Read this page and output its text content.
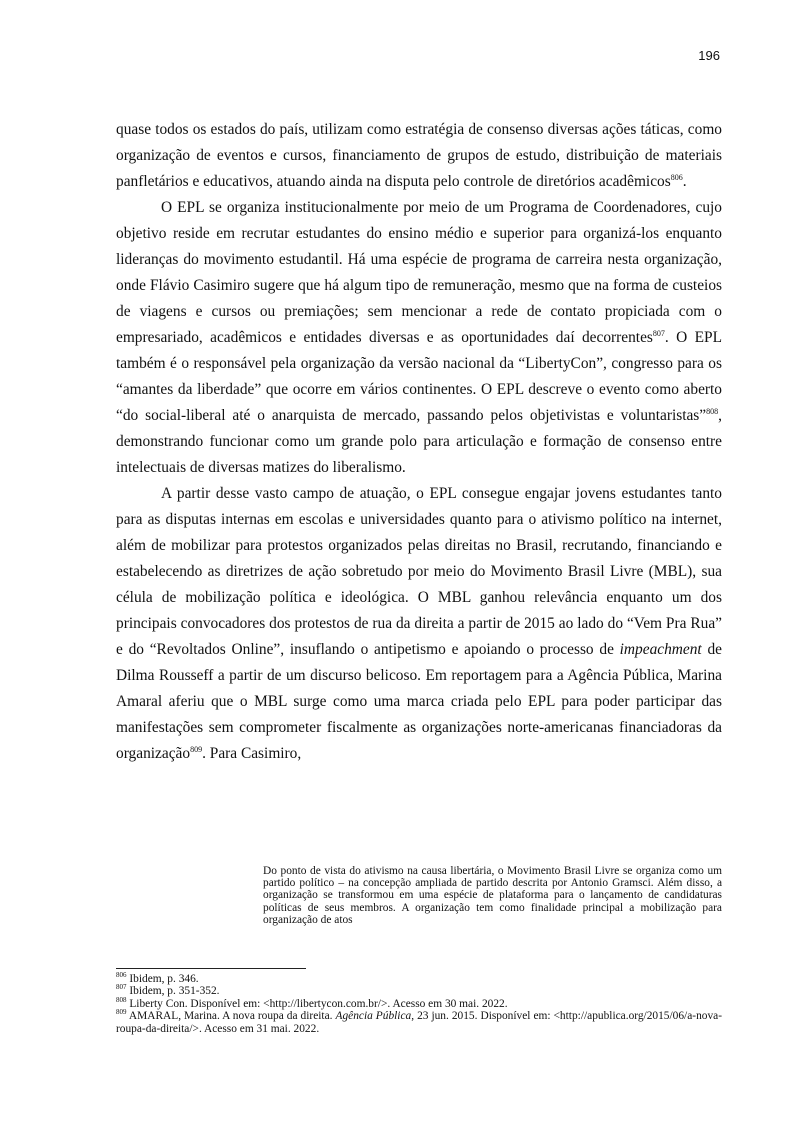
196

quase todos os estados do país, utilizam como estratégia de consenso diversas ações táticas, como organização de eventos e cursos, financiamento de grupos de estudo, distribuição de materiais panfletários e educativos, atuando ainda na disputa pelo controle de diretórios acadêmicos$^{806}$.

O EPL se organiza institucionalmente por meio de um Programa de Coordenadores, cujo objetivo reside em recrutar estudantes do ensino médio e superior para organizá-los enquanto lideranças do movimento estudantil. Há uma espécie de programa de carreira nesta organização, onde Flávio Casimiro sugere que há algum tipo de remuneração, mesmo que na forma de custeios de viagens e cursos ou premiações; sem mencionar a rede de contato propiciada com o empresariado, acadêmicos e entidades diversas e as oportunidades daí decorrentes$^{807}$. O EPL também é o responsável pela organização da versão nacional da “LibertyCon”, congresso para os “amantes da liberdade” que ocorre em vários continentes. O EPL descreve o evento como aberto “do social-liberal até o anarquista de mercado, passando pelos objetivistas e voluntaristas”$^{808}$, demonstrando funcionar como um grande polo para articulação e formação de consenso entre intelectuais de diversas matizes do liberalismo.

A partir desse vasto campo de atuação, o EPL consegue engajar jovens estudantes tanto para as disputas internas em escolas e universidades quanto para o ativismo político na internet, além de mobilizar para protestos organizados pelas direitas no Brasil, recrutando, financiando e estabelecendo as diretrizes de ação sobretudo por meio do Movimento Brasil Livre (MBL), sua célula de mobilização política e ideológica. O MBL ganhou relevância enquanto um dos principais convocadores dos protestos de rua da direita a partir de 2015 ao lado do “Vem Pra Rua” e do “Revoltados Online”, insuflando o antipetismo e apoiando o processo de impeachment de Dilma Rousseff a partir de um discurso belicoso. Em reportagem para a Agência Pública, Marina Amaral aferiu que o MBL surge como uma marca criada pelo EPL para poder participar das manifestações sem comprometer fiscalmente as organizações norte-americanas financiadoras da organização$^{809}$. Para Casimiro,

Do ponto de vista do ativismo na causa libertária, o Movimento Brasil Livre se organiza como um partido político – na concepção ampliada de partido descrita por Antonio Gramsci. Além disso, a organização se transformou em uma espécie de plataforma para o lançamento de candidaturas políticas de seus membros. A organização tem como finalidade principal a mobilização para organização de atos

$^{806}$ Ibidem, p. 346.

$^{807}$ Ibidem, p. 351-352.

$^{808}$ Liberty Con. Disponível em: <http://libertycon.com.br/>. Acesso em 30 mai. 2022.

$^{809}$ AMARAL, Marina. A nova roupa da direita. Agência Pública, 23 jun. 2015. Disponível em: <http://apublica.org/2015/06/a-nova-roupa-da-direita/>. Acesso em 31 mai. 2022.
